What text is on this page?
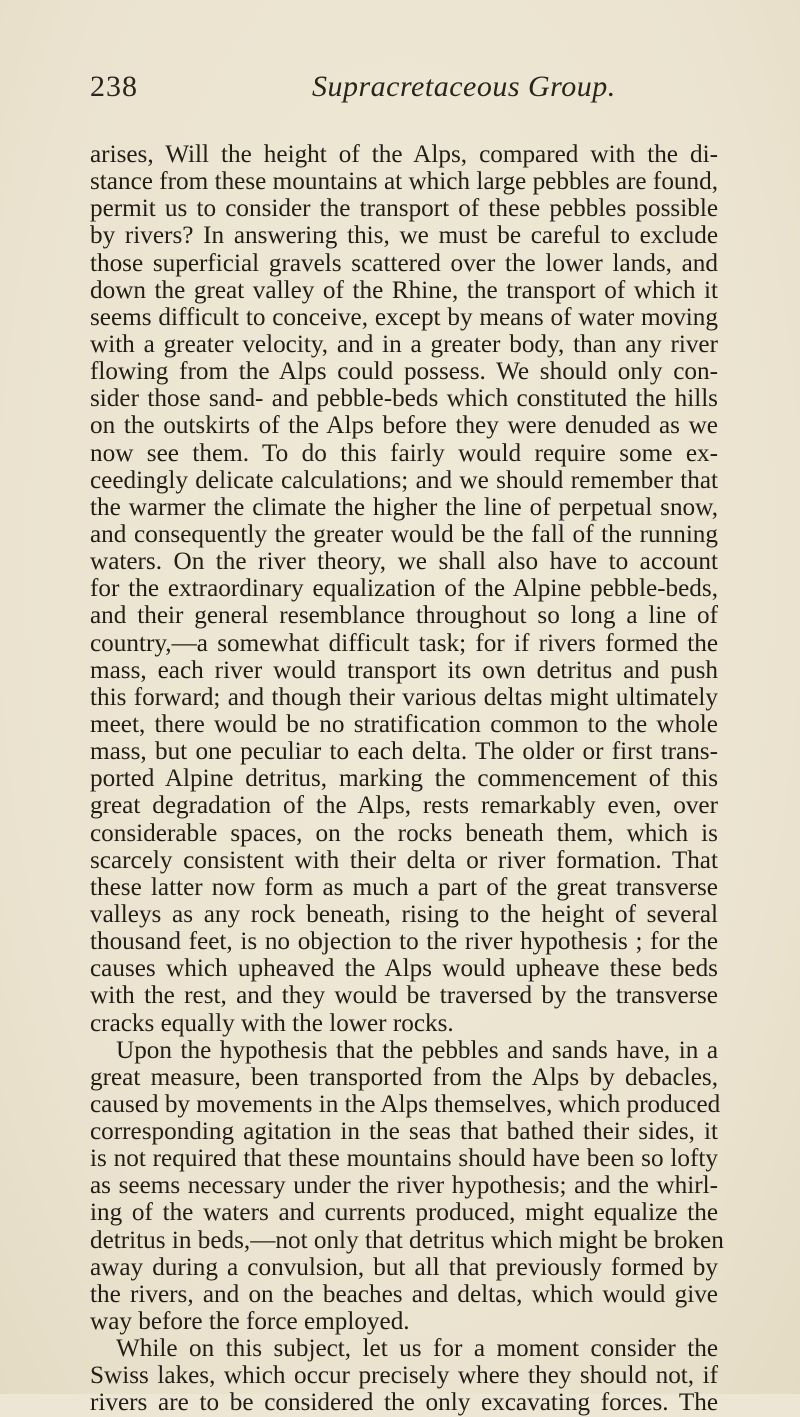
238	Supracretaceous Group.
arises, Will the height of the Alps, compared with the di-
stance from these mountains at which large pebbles are found,
permit us to consider the transport of these pebbles possible
by rivers? In answering this, we must be careful to exclude
those superficial gravels scattered over the lower lands, and
down the great valley of the Rhine, the transport of which it
seems difficult to conceive, except by means of water moving
with a greater velocity, and in a greater body, than any river
flowing from the Alps could possess. We should only con-
sider those sand- and pebble-beds which constituted the hills
on the outskirts of the Alps before they were denuded as we
now see them. To do this fairly would require some ex-
ceedingly delicate calculations; and we should remember that
the warmer the climate the higher the line of perpetual snow,
and consequently the greater would be the fall of the running
waters. On the river theory, we shall also have to account
for the extraordinary equalization of the Alpine pebble-beds,
and their general resemblance throughout so long a line of
country,—a somewhat difficult task; for if rivers formed the
mass, each river would transport its own detritus and push
this forward; and though their various deltas might ultimately
meet, there would be no stratification common to the whole
mass, but one peculiar to each delta. The older or first trans-
ported Alpine detritus, marking the commencement of this
great degradation of the Alps, rests remarkably even, over
considerable spaces, on the rocks beneath them, which is
scarcely consistent with their delta or river formation. That
these latter now form as much a part of the great transverse
valleys as any rock beneath, rising to the height of several
thousand feet, is no objection to the river hypothesis ; for the
causes which upheaved the Alps would upheave these beds
with the rest, and they would be traversed by the transverse
cracks equally with the lower rocks.
Upon the hypothesis that the pebbles and sands have, in a
great measure, been transported from the Alps by debacles,
caused by movements in the Alps themselves, which produced
corresponding agitation in the seas that bathed their sides, it
is not required that these mountains should have been so lofty
as seems necessary under the river hypothesis; and the whirl-
ing of the waters and currents produced, might equalize the
detritus in beds,—not only that detritus which might be broken
away during a convulsion, but all that previously formed by
the rivers, and on the beaches and deltas, which would give
way before the force employed.
While on this subject, let us for a moment consider the
Swiss lakes, which occur precisely where they should not, if
rivers are to be considered the only excavating forces. The
